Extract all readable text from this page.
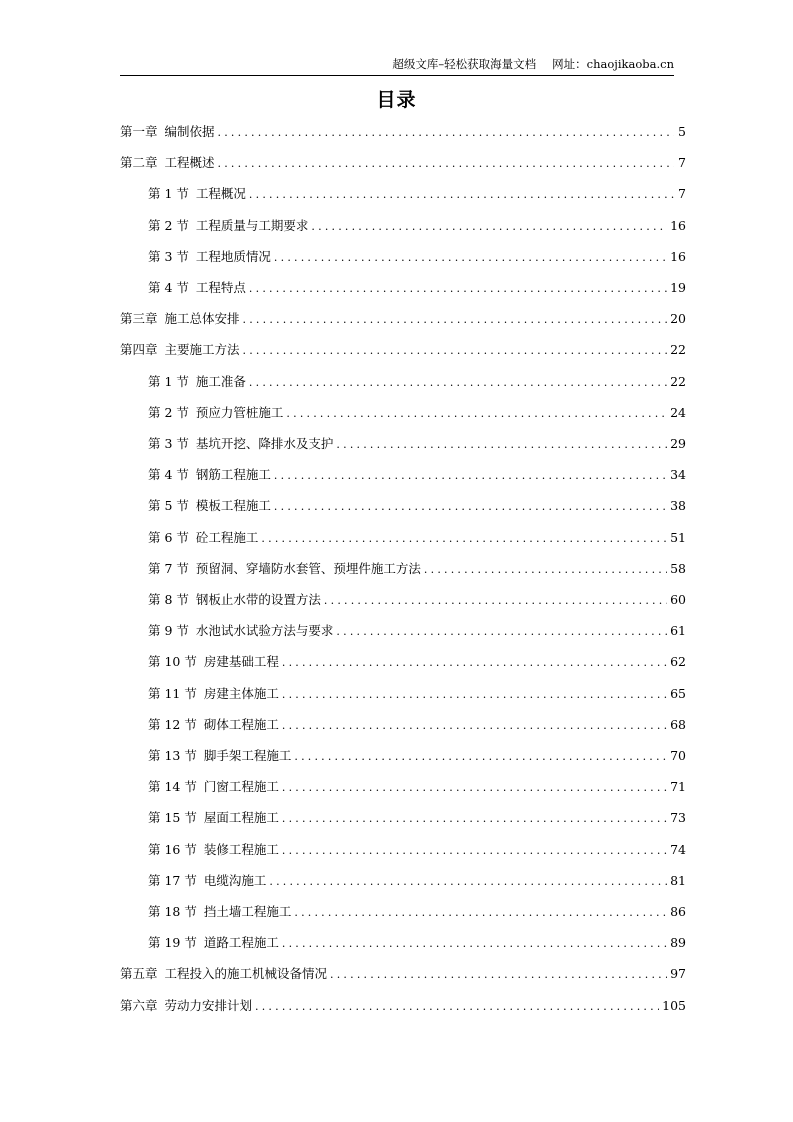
超级文库–轻松获取海量文档 网址：chaojikaoba.cn
目录
第一章 编制依据 .....	5
第二章 工程概述 .....	7
第 1 节 工程概况 .....	7
第 2 节 工程质量与工期要求 .....	16
第 3 节 工程地质情况 .....	16
第 4 节 工程特点 .....	19
第三章 施工总体安排 .....	20
第四章 主要施工方法 .....	22
第 1 节 施工准备 .....	22
第 2 节 预应力管桩施工 .....	24
第 3 节 基坑开挖、降排水及支护 .....	29
第 4 节 钢筋工程施工 .....	34
第 5 节 模板工程施工 .....	38
第 6 节 砼工程施工 .....	51
第 7 节 预留洞、穿墙防水套管、预埋件施工方法 .....	58
第 8 节 钢板止水带的设置方法 .....	60
第 9 节 水池试水试验方法与要求 .....	61
第 10 节 房建基础工程 .....	62
第 11 节 房建主体施工 .....	65
第 12 节 砌体工程施工 .....	68
第 13 节 脚手架工程施工 .....	70
第 14 节 门窗工程施工 .....	71
第 15 节 屋面工程施工 .....	73
第 16 节 装修工程施工 .....	74
第 17 节 电缆沟施工 .....	81
第 18 节 挡土墙工程施工 .....	86
第 19 节 道路工程施工 .....	89
第五章 工程投入的施工机械设备情况 .....	97
第六章 劳动力安排计划 .....	105
